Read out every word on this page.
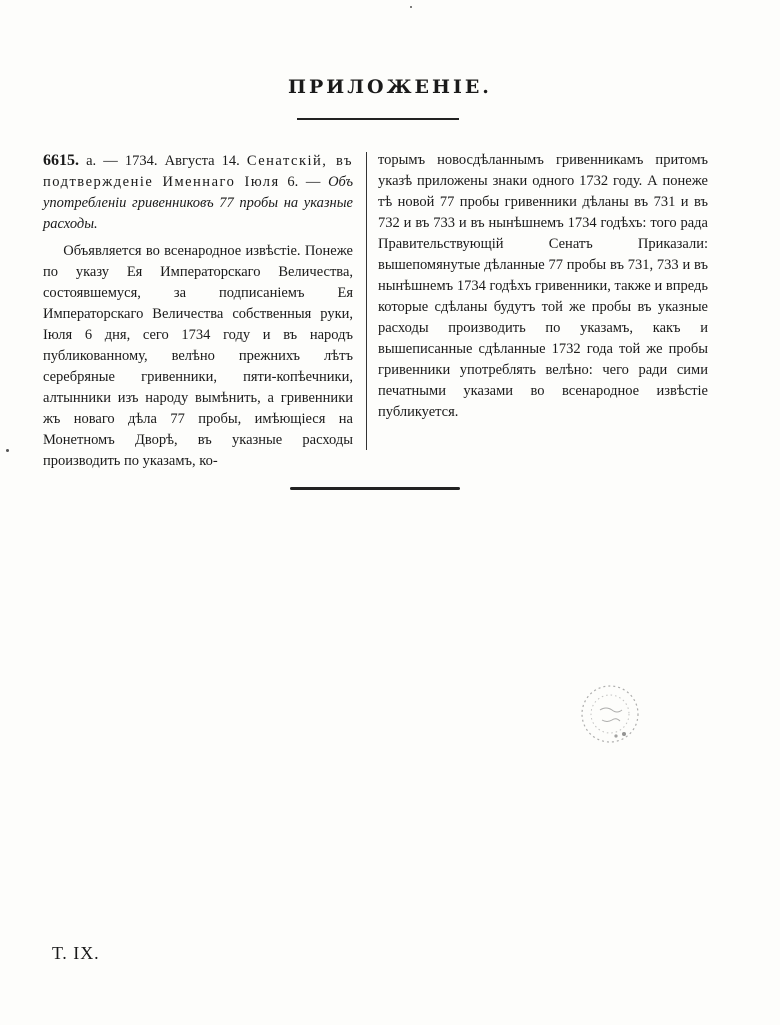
ПРИЛОЖЕНІЕ.

6615. а. — 1734. Августа 14. Сенатскій, въ подтвержденіе Именнаго Іюля 6. — Объ употребленіи гривенниковъ 77 пробы на указные расходы.

Объявляется во всенародное извѣстіе. Понеже по указу Ея Императорскаго Величества, состоявшемуся, за подписаніемъ Ея Императорскаго Величества собственныя руки, Іюля 6 дня, сего 1734 году и въ народъ публикованному, велѣно прежнихъ лѣтъ серебряные гривенники, пяти-копѣечники, алтынники изъ народу вымѣнить, а гривенники жъ новаго дѣла 77 пробы, имѣющіеся на Монетномъ Дворѣ, въ указные расходы производить по указамъ, ко-

торымъ новосдѣланнымъ гривенникамъ притомъ указѣ приложены знаки одного 1732 году. А понеже тѣ новой 77 пробы гривенники дѣланы въ 731 и въ 732 и въ 733 и въ нынѣшнемъ 1734 годѣхъ: того рада Правительствующій Сенатъ Приказали: вышепомянутые дѣланные 77 пробы въ 731, 733 и въ нынѣшнемъ 1734 годѣхъ гривенники, также и впредь которые сдѣланы будутъ той же пробы въ указные расходы производить по указамъ, какъ и вышеписанные сдѣланные 1732 года той же пробы гривенники употреблять велѣно: чего ради сими печатными указами во всенародное извѣстіе публикуется.

Т. IX.
